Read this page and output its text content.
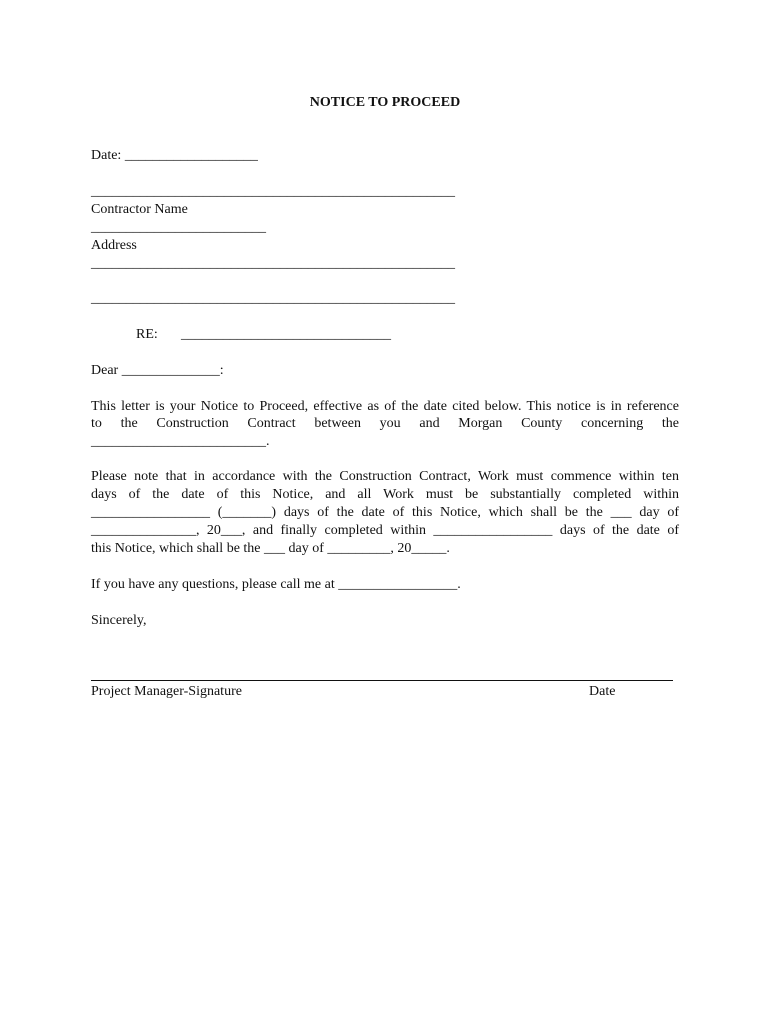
NOTICE TO PROCEED
Date: ___________________
____________________________________________________
Contractor Name
_________________________
Address
____________________________________________________
____________________________________________________
RE: ______________________________
Dear ______________:
This letter is your Notice to Proceed, effective as of the date cited below. This notice is in reference
to the Construction Contract between you and Morgan County concerning the
_________________________.
Please note that in accordance with the Construction Contract, Work must commence within ten
days of the date of this Notice, and all Work must be substantially completed within
_________________ (_______) days of the date of this Notice, which shall be the ___ day of
_______________, 20___, and finally completed within _________________ days of the date of
this Notice, which shall be the ___ day of _________, 20_____.
If you have any questions, please call me at _________________.
Sincerely,
Project Manager-Signature	Date
